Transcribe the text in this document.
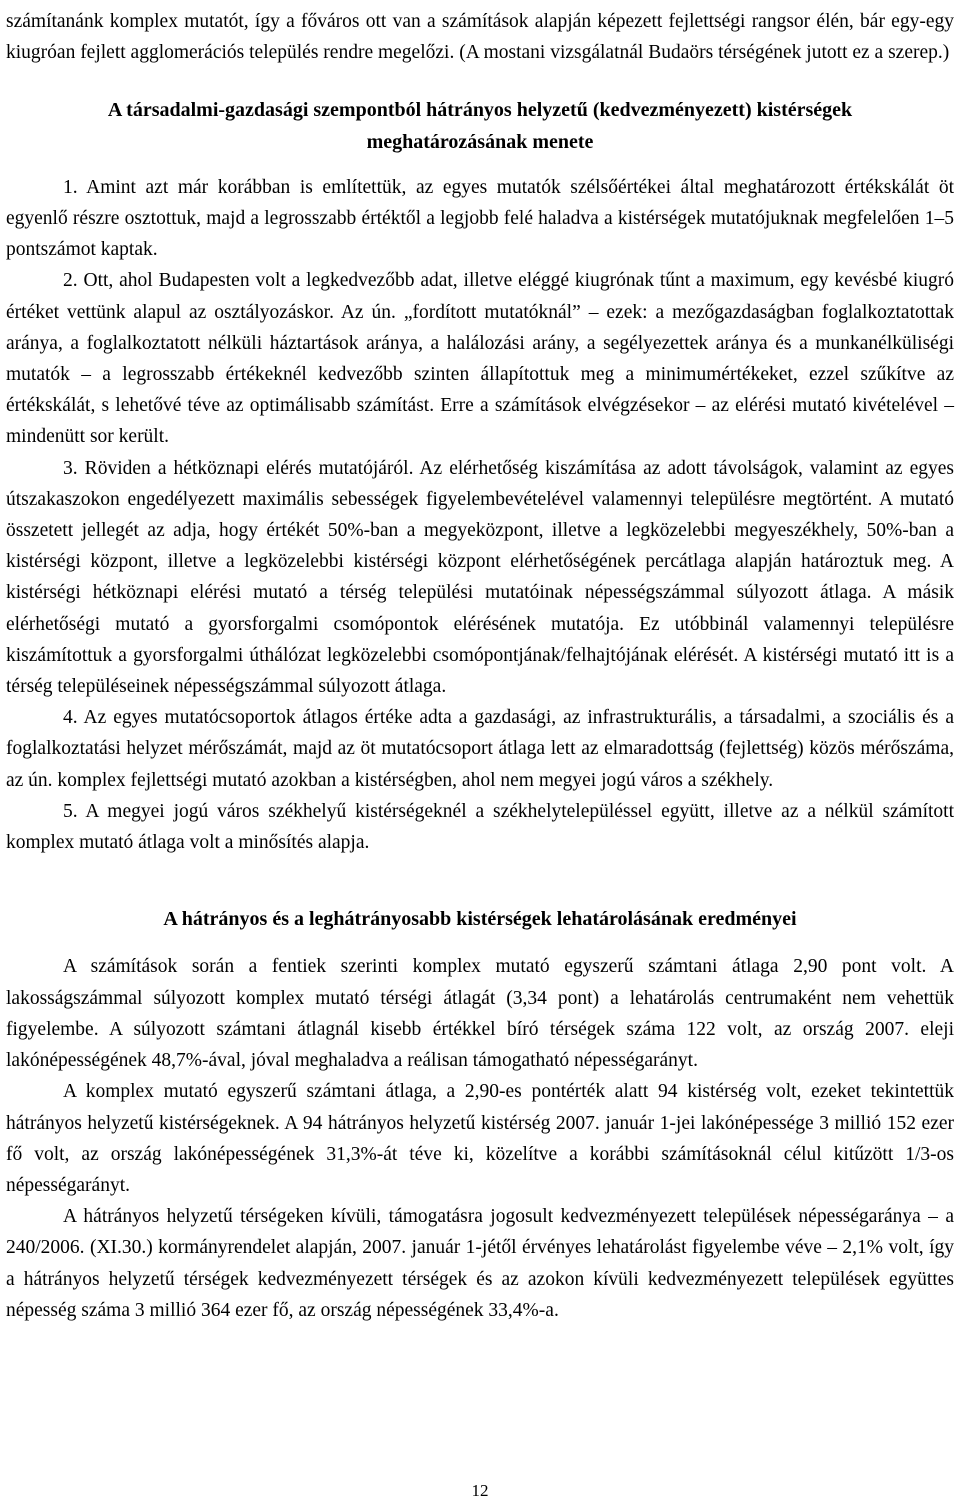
számítanánk komplex mutatót, így a főváros ott van a számítások alapján képezett fejlettségi rangsor élén, bár egy-egy kiugróan fejlett agglomerációs település rendre megelőzi. (A mostani vizsgálatnál Budaörs térségének jutott ez a szerep.)

A társadalmi-gazdasági szempontból hátrányos helyzetű (kedvezményezett) kistérségek meghatározásának menete

1. Amint azt már korábban is említettük, az egyes mutatók szélsőértékei által meghatározott értékskálát öt egyenlő részre osztottuk, majd a legrosszabb értéktől a legjobb felé haladva a kistérségek mutatójuknak megfelelően 1–5 pontszámot kaptak.

2. Ott, ahol Budapesten volt a legkedvezőbb adat, illetve eléggé kiugrónak tűnt a maximum, egy kevésbé kiugró értéket vettünk alapul az osztályozáskor. Az ún. „fordított mutatóknál” – ezek: a mezőgazdaságban foglalkoztatottak aránya, a foglalkoztatott nélküli háztartások aránya, a halálozási arány, a segélyezettek aránya és a munkanélküliségi mutatók – a legrosszabb értékeknél kedvezőbb szinten állapítottuk meg a minimumértékeket, ezzel szűkítve az értékskálát, s lehetővé téve az optimálisabb számítást. Erre a számítások elvégzésekor – az elérési mutató kivételével – mindenütt sor került.

3. Röviden a hétköznapi elérés mutatójáról. Az elérhetőség kiszámítása az adott távolságok, valamint az egyes útszakaszokon engedélyezett maximális sebességek figyelembevételével valamennyi településre megtörtént. A mutató összetett jellegét az adja, hogy értékét 50%-ban a megyeközpont, illetve a legközelebbi megyeszékhely, 50%-ban a kistérségi központ, illetve a legközelebbi kistérségi központ elérhetőségének percátlaga alapján határoztuk meg. A kistérségi hétköznapi elérési mutató a térség települési mutatóinak népességszámmal súlyozott átlaga. A másik elérhetőségi mutató a gyorsforgalmi csomópontok elérésének mutatója. Ez utóbbinál valamennyi településre kiszámítottuk a gyorsforgalmi úthálózat legközelebbi csomópontjának/felhajtójának elérését. A kistérségi mutató itt is a térség településeinek népességszámmal súlyozott átlaga.

4. Az egyes mutatócsoportok átlagos értéke adta a gazdasági, az infrastrukturális, a társadalmi, a szociális és a foglalkoztatási helyzet mérőszámát, majd az öt mutatócsoport átlaga lett az elmaradottság (fejlettség) közös mérőszáma, az ún. komplex fejlettségi mutató azokban a kistérségben, ahol nem megyei jogú város a székhely.

5. A megyei jogú város székhelyű kistérségeknél a székhelytelepüléssel együtt, illetve az a nélkül számított komplex mutató átlaga volt a minősítés alapja.

A hátrányos és a leghátrányosabb kistérségek lehatárolásának eredményei

A számítások során a fentiek szerinti komplex mutató egyszerű számtani átlaga 2,90 pont volt. A lakosságszámmal súlyozott komplex mutató térségi átlagát (3,34 pont) a lehatárolás centrumaként nem vehettük figyelembe. A súlyozott számtani átlagnál kisebb értékkel bíró térségek száma 122 volt, az ország 2007. eleji lakónépességének 48,7%-ával, jóval meghaladva a reálisan támogatható népességarányt.

A komplex mutató egyszerű számtani átlaga, a 2,90-es pontérték alatt 94 kistérség volt, ezeket tekintettük hátrányos helyzetű kistérségeknek. A 94 hátrányos helyzetű kistérség 2007. január 1-jei lakónépessége 3 millió 152 ezer fő volt, az ország lakónépességének 31,3%-át téve ki, közelítve a korábbi számításoknál célul kitűzött 1/3-os népességarányt.

A hátrányos helyzetű térségeken kívüli, támogatásra jogosult kedvezményezett települések népességaránya – a 240/2006. (XI.30.) kormányrendelet alapján, 2007. január 1-jétől érvényes lehatárolást figyelembe véve – 2,1% volt, így a hátrányos helyzetű térségek kedvezményezett térségek és az azokon kívüli kedvezményezett települések együttes népesség száma 3 millió 364 ezer fő, az ország népességének 33,4%-a.

12
